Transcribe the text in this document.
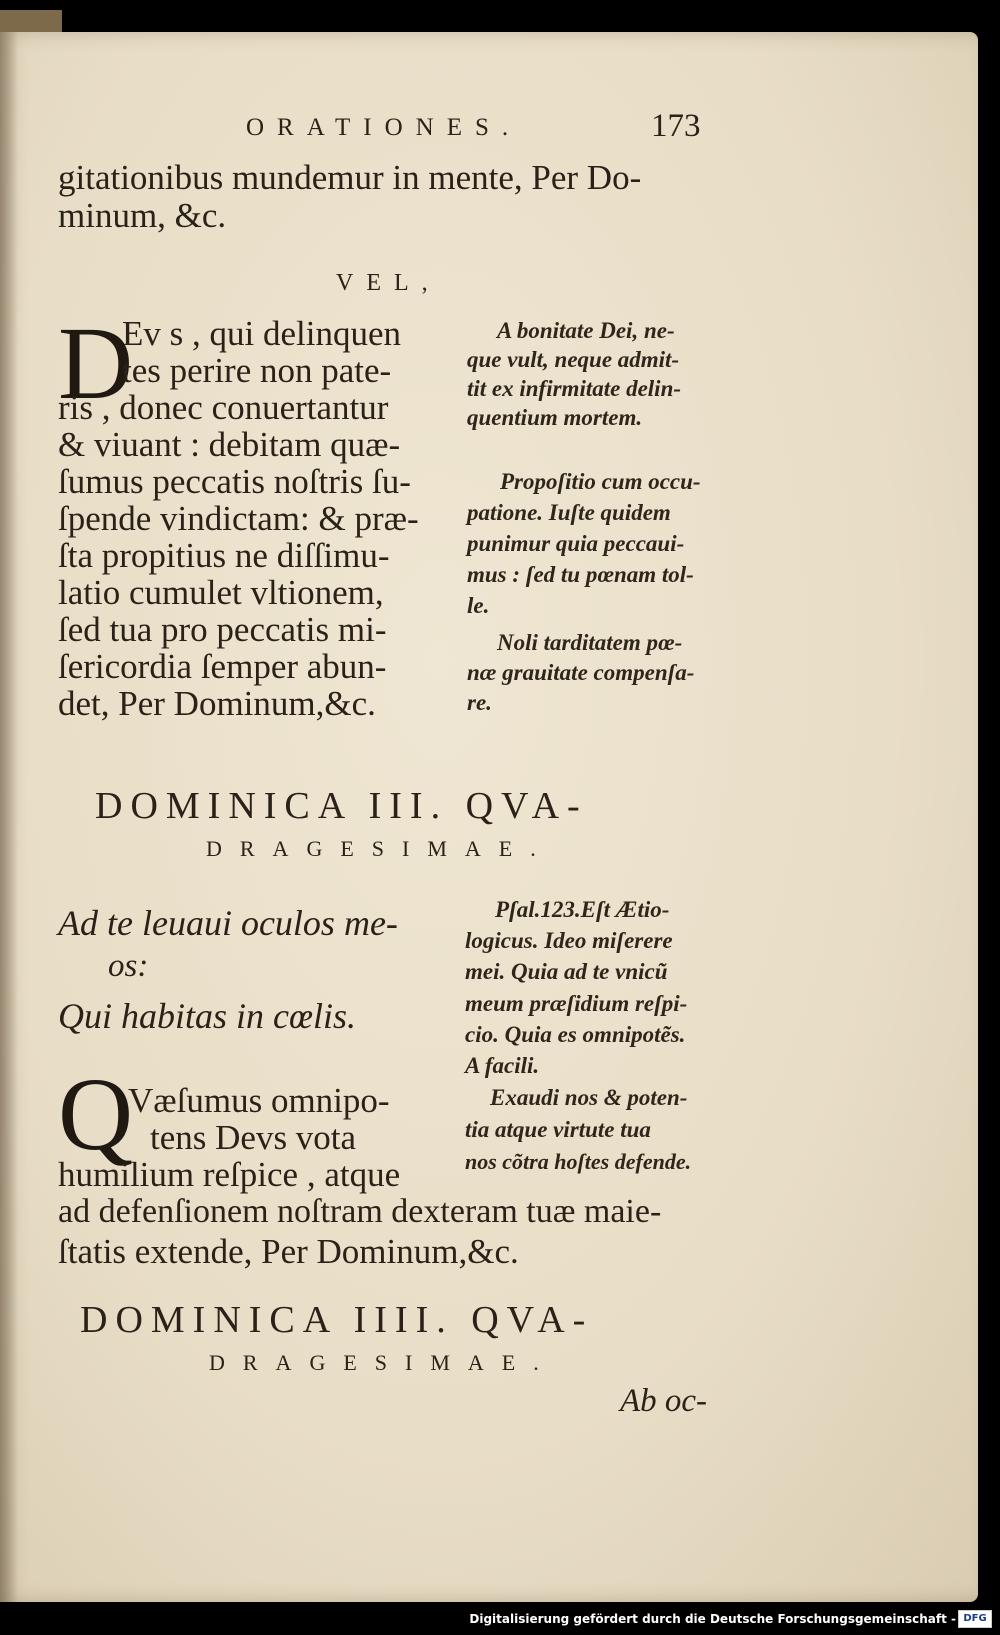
ORATIONES.	173
gitationibus mundemur in mente, Per Do-
minum, &c.
VEL,
D
Ev s , qui delinquen
tes perire non pate-
ris , donec conuertantur
& viuant : debitam quæ-
ſumus peccatis noſtris ſu-
ſpende vindictam: & præ-
ſta propitius ne diſſimu-
latio cumulet vltionem,
ſed tua pro peccatis mi-
ſericordia ſemper abun-
det, Per Dominum,&c.
A bonitate Dei, ne-
que vult, neque admit-
tit ex infirmitate delin-
quentium mortem.
Propoſitio cum occu-
patione. Iuſte quidem
punimur quia peccaui-
mus : ſed tu pœnam tol-
le.
Noli tarditatem pœ-
næ grauitate compenſa-
re.
DOMINICA III. QVA-
DRAGESIMAE.
Ad te leuaui oculos me-
os:
Qui habitas in cœlis.
Pſal.123.Eſt Ætio-
logicus. Ideo miſerere
mei. Quia ad te vnicũ
meum præſidium reſpi-
cio. Quia es omnipotẽs.
A facili.
Exaudi nos & poten-
tia atque virtute tua
nos cõtra hoſtes defende.
Q
Væſumus omnipo-
tens Devs vota
humilium reſpice , atque
ad defenſionem noſtram dexteram tuæ maie-
ſtatis extende, Per Dominum,&c.
DOMINICA IIII. QVA-
DRAGESIMAE.
Ab oc-
Digitalisierung gefördert durch die Deutsche Forschungsgemeinschaft - DFG
